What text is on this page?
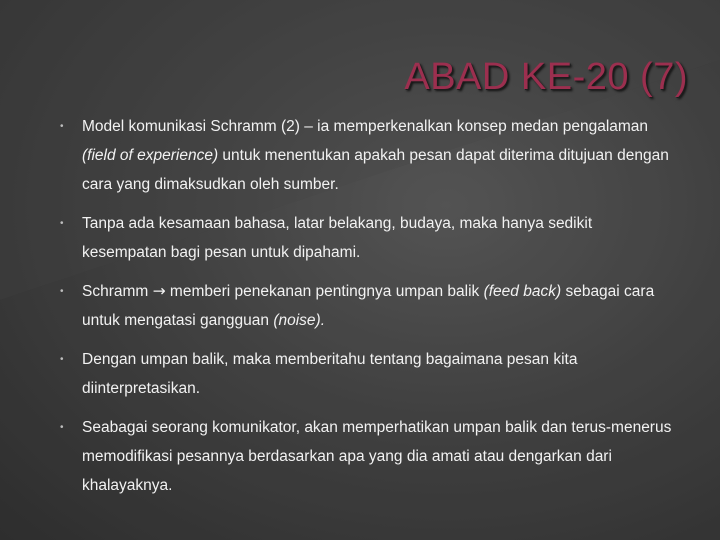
ABAD KE-20 (7)
• Model komunikasi Schramm (2) – ia memperkenalkan konsep medan pengalaman (field of experience) untuk menentukan apakah pesan dapat diterima ditujuan dengan cara yang dimaksudkan oleh sumber.
• Tanpa ada kesamaan bahasa, latar belakang, budaya, maka hanya sedikit kesempatan bagi pesan untuk dipahami.
• Schramm → memberi penekanan pentingnya umpan balik (feed back) sebagai cara untuk mengatasi gangguan (noise).
• Dengan umpan balik, maka memberitahu tentang bagaimana pesan kita diinterpretasikan.
• Seabagai seorang komunikator, akan memperhatikan umpan balik dan terus-menerus memodifikasi pesannya berdasarkan apa yang dia amati atau dengarkan dari khalayaknya.
